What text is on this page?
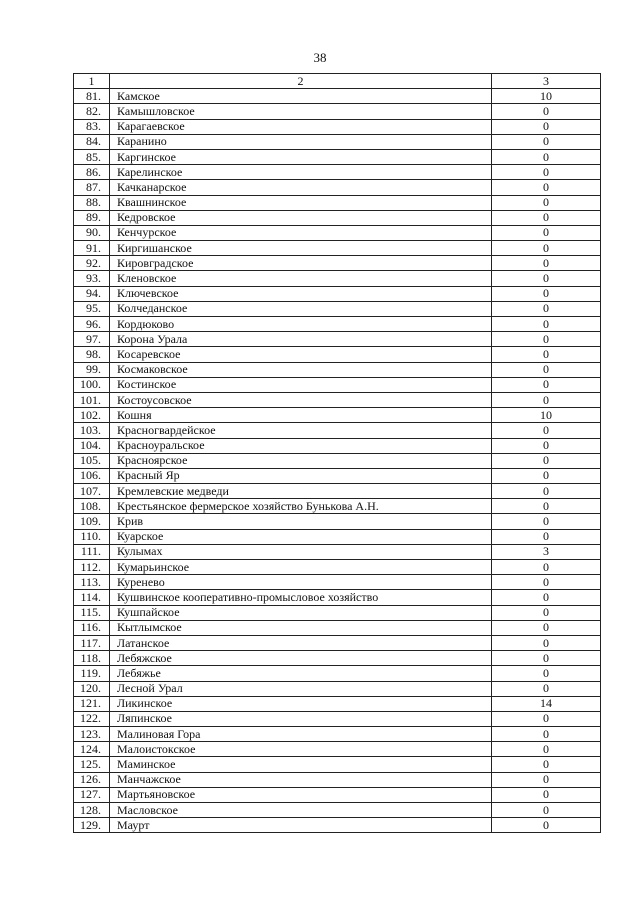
38
1	2	3
81.	Камское	10
82.	Камышловское	0
83.	Карагаевское	0
84.	Каранино	0
85.	Каргинское	0
86.	Карелинское	0
87.	Качканарское	0
88.	Квашнинское	0
89.	Кедровское	0
90.	Кенчурское	0
91.	Киргишанское	0
92.	Кировградское	0
93.	Кленовское	0
94.	Ключевское	0
95.	Колчеданское	0
96.	Кордюково	0
97.	Корона Урала	0
98.	Косаревское	0
99.	Космаковское	0
100.	Костинское	0
101.	Костоусовское	0
102.	Кошня	10
103.	Красногвардейское	0
104.	Красноуральское	0
105.	Красноярское	0
106.	Красный Яр	0
107.	Кремлевские медведи	0
108.	Крестьянское фермерское хозяйство Бунькова А.Н.	0
109.	Крив	0
110.	Куарское	0
111.	Кулымах	3
112.	Кумарьинское	0
113.	Куренево	0
114.	Кушвинское кооперативно-промысловое хозяйство	0
115.	Кушпайское	0
116.	Кытлымское	0
117.	Латанское	0
118.	Лебяжское	0
119.	Лебяжье	0
120.	Лесной Урал	0
121.	Ликинское	14
122.	Ляпинское	0
123.	Малиновая Гора	0
124.	Малоистокское	0
125.	Маминское	0
126.	Манчажское	0
127.	Мартьяновское	0
128.	Масловское	0
129.	Маурт	0
